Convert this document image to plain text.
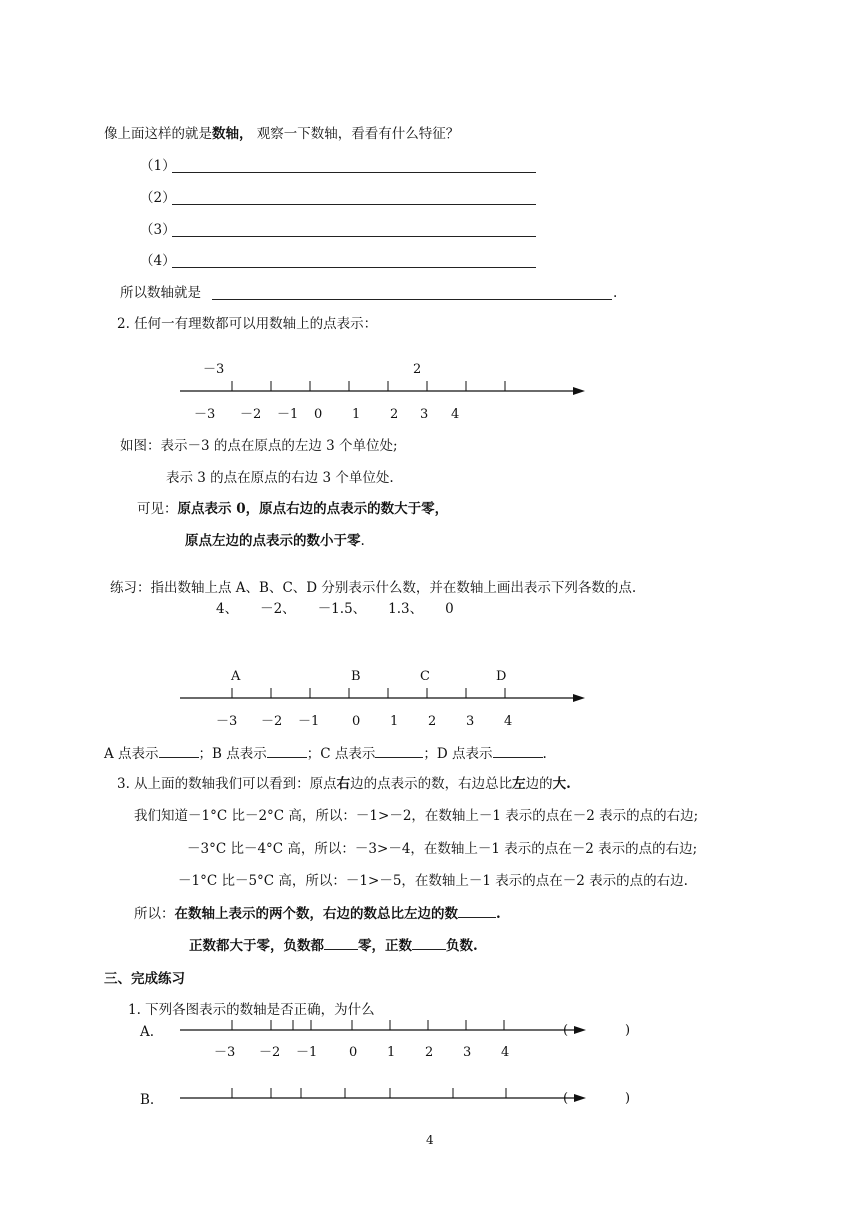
像上面这样的就是数轴， 观察一下数轴，看看有什么特征？
（1）
（2）
（3）
（4）
所以数轴就是	.
2. 任何一有理数都可以用数轴上的点表示：
－3	2
－3 －2 －1 0 1 2 3 4
如图：表示－3 的点在原点的左边 3 个单位处;
表示 3 的点在原点的右边 3 个单位处.
可见：原点表示 0，原点右边的点表示的数大于零，
原点左边的点表示的数小于零.
练习：指出数轴上点 A、B、C、D 分别表示什么数，并在数轴上画出表示下列各数的点.
4、 －2、 －1.5、 1.3、 0
A	B	C	D
－3 －2 －1	0 1 2 3 4
A 点表示	；B 点表示	；C 点表示	；D 点表示	.
3. 从上面的数轴我们可以看到：原点右边的点表示的数，右边总比左边的大.
我们知道－1°C 比－2°C 高，所以：－1>－2，在数轴上－1 表示的点在－2 表示的点的右边;
－3°C 比－4°C 高，所以：－3>－4，在数轴上－1 表示的点在－2 表示的点的右边;
－1°C 比－5°C 高，所以：－1>－5，在数轴上－1 表示的点在－2 表示的点的右边.
所以：在数轴上表示的两个数，右边的数总比左边的数	.
正数都大于零，负数都	零，正数	负数.
三、完成练习
1. 下列各图表示的数轴是否正确，为什么
A.	(	)
－3 －2 －1 0 1 2 3 4
B.	(	)
4
